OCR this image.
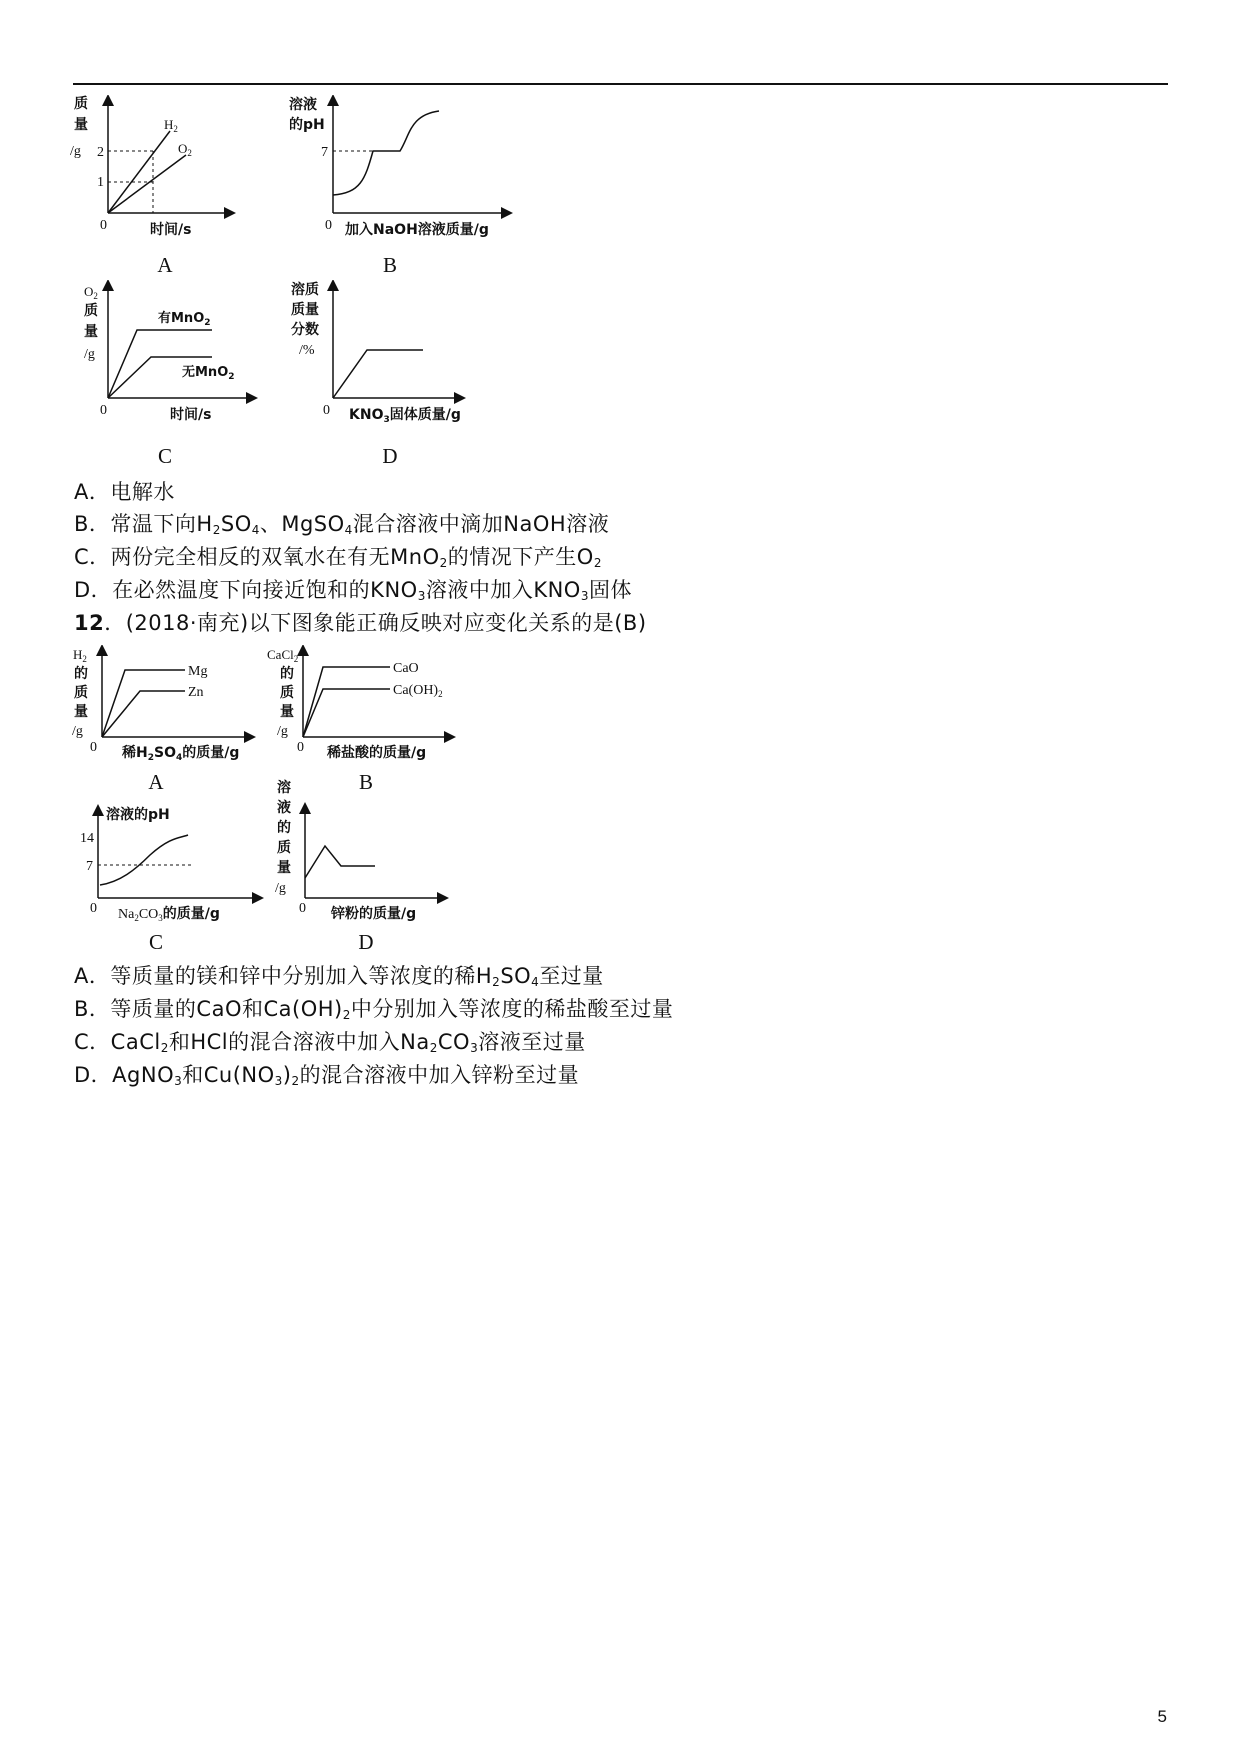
质
量
/g 2
1
0	时间/s
$H_2$
$O_2$
A
溶液
的pH
7
0 加入NaOH溶液质量/g
B
$O_2$
质
量
/g
0	时间/s
有MnO$_2$
无MnO$_2$
C
溶质
质量
分数
/%
0 $KNO_3$固体质量/g
D
A．电解水
B．常温下向$H_2SO_4$、MgSO$_4$混合溶液中滴加NaOH溶液
C．两份完全相反的双氧水在有无MnO$_2$的情况下产生$O_2$
D．在必然温度下向接近饱和的$KNO_3$溶液中加入$KNO_3$固体
12．(2018·南充)以下图象能正确反映对应变化关系的是(B)
$H_2$
的
质
量
/g
0 稀$H_2SO_4$的质量/g
Mg
Zn
A
CaCl$_2$
的
质
量
/g
0 稀盐酸的质量/g
CaO
$Ca(OH)_2$
B
溶液的pH
14
7
0 $Na_2CO_3$的质量/g
C
溶
液
的
质
量
/g
0 锌粉的质量/g
D
A．等质量的镁和锌中分别加入等浓度的稀$H_2SO_4$至过量
B．等质量的CaO和$Ca(OH)_2$中分别加入等浓度的稀盐酸至过量
C．CaCl$_2$和HCl的混合溶液中加入$Na_2CO_3$溶液至过量
D．AgNO$_3$和$Cu(NO_3)_2$的混合溶液中加入锌粉至过量
5
